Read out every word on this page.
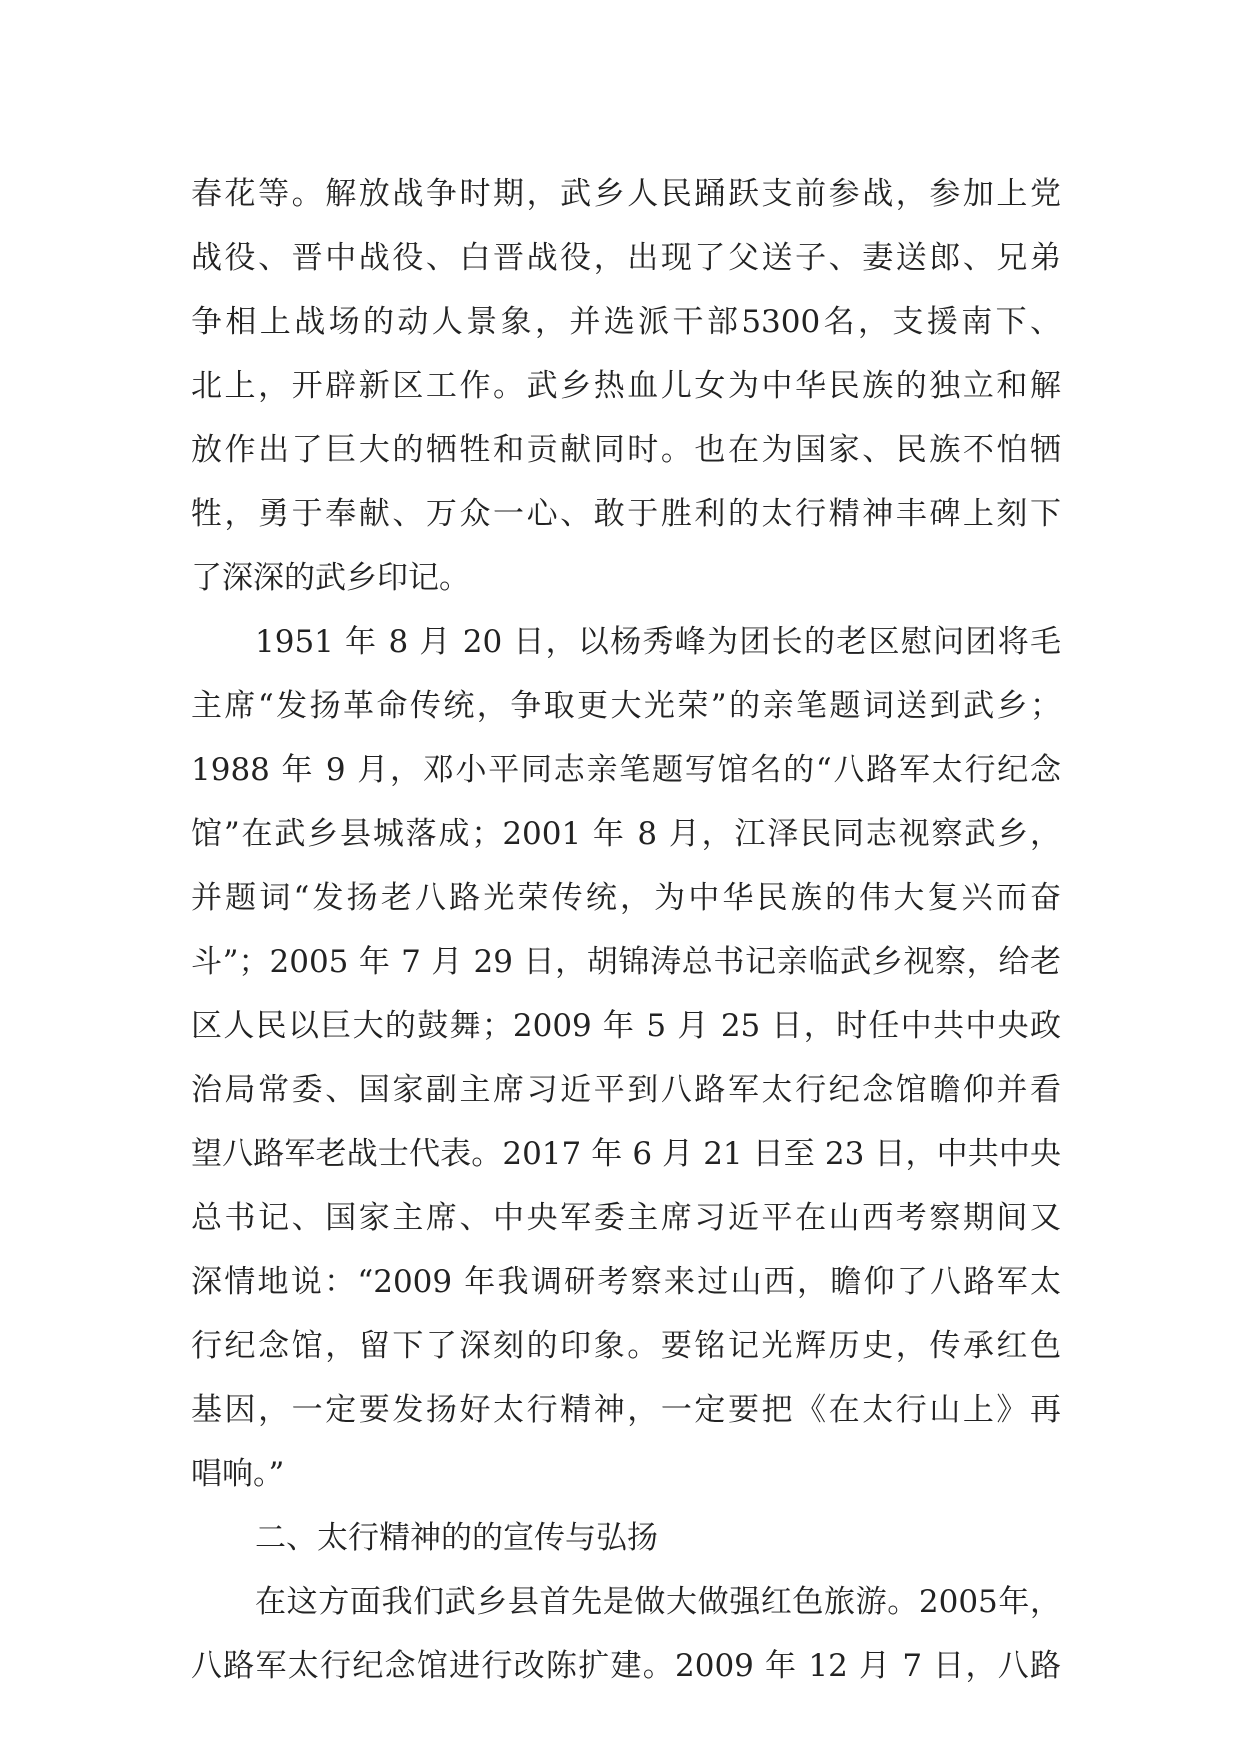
春花等。解放战争时期，武乡人民踊跃支前参战，参加上党
战役、晋中战役、白晋战役，出现了父送子、妻送郎、兄弟
争相上战场的动人景象，并选派干部5300名，支援南下、
北上，开辟新区工作。武乡热血儿女为中华民族的独立和解
放作出了巨大的牺牲和贡献同时。也在为国家、民族不怕牺
牲，勇于奉献、万众一心、敢于胜利的太行精神丰碑上刻下
了深深的武乡印记。
1951 年 8 月 20 日，以杨秀峰为团长的老区慰问团将毛
主席“发扬革命传统，争取更大光荣”的亲笔题词送到武乡；
1988 年 9 月，邓小平同志亲笔题写馆名的“八路军太行纪念
馆”在武乡县城落成；2001 年 8 月，江泽民同志视察武乡，
并题词“发扬老八路光荣传统，为中华民族的伟大复兴而奋
斗”；2005 年 7 月 29 日，胡锦涛总书记亲临武乡视察，给老
区人民以巨大的鼓舞；2009 年 5 月 25 日，时任中共中央政
治局常委、国家副主席习近平到八路军太行纪念馆瞻仰并看
望八路军老战士代表。2017 年 6 月 21 日至 23 日，中共中央
总书记、国家主席、中央军委主席习近平在山西考察期间又
深情地说：“2009 年我调研考察来过山西，瞻仰了八路军太
行纪念馆，留下了深刻的印象。要铭记光辉历史，传承红色
基因，一定要发扬好太行精神，一定要把《在太行山上》再
唱响。”
二、太行精神的的宣传与弘扬
在这方面我们武乡县首先是做大做强红色旅游。2005年，
八路军太行纪念馆进行改陈扩建。2009 年 12 月 7 日，八路
